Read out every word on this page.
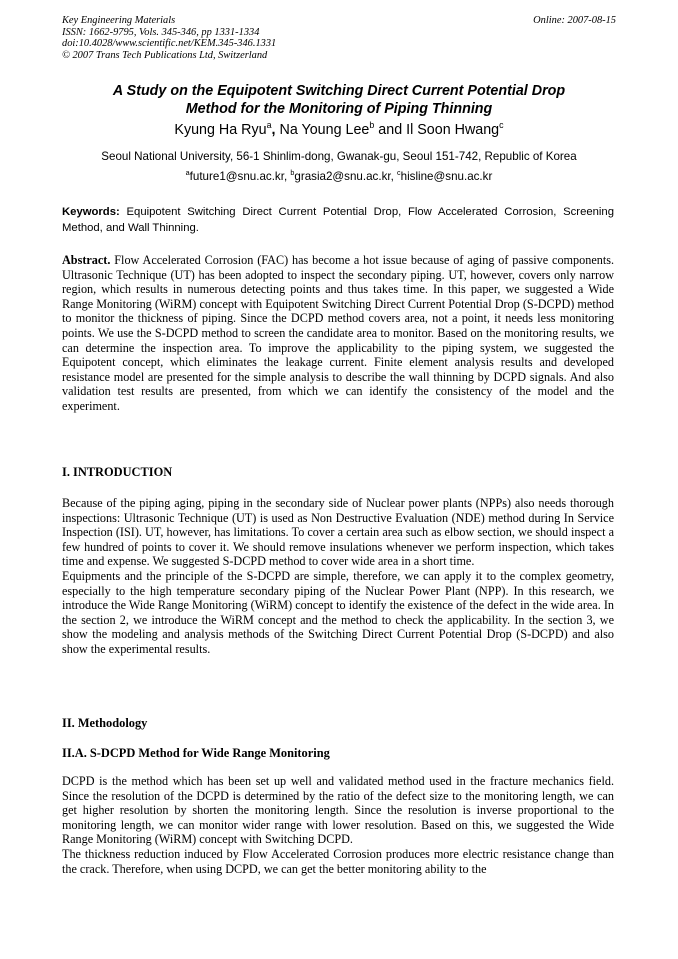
Key Engineering Materials
ISSN: 1662-9795, Vols. 345-346, pp 1331-1334
doi:10.4028/www.scientific.net/KEM.345-346.1331
© 2007 Trans Tech Publications Ltd, Switzerland
Online: 2007-08-15
A Study on the Equipotent Switching Direct Current Potential Drop
Method for the Monitoring of Piping Thinning
Kyung Ha Ryu$^a$, Na Young Lee$^b$ and Il Soon Hwang$^c$
Seoul National University, 56-1 Shinlim-dong, Gwanak-gu, Seoul 151-742, Republic of Korea
$^a$future1@snu.ac.kr, $^b$grasia2@snu.ac.kr, $^c$hisline@snu.ac.kr
Keywords: Equipotent Switching Direct Current Potential Drop, Flow Accelerated Corrosion, Screening Method, and Wall Thinning.

Abstract. Flow Accelerated Corrosion (FAC) has become a hot issue because of aging of passive components. Ultrasonic Technique (UT) has been adopted to inspect the secondary piping. UT, however, covers only narrow region, which results in numerous detecting points and thus takes time. In this paper, we suggested a Wide Range Monitoring (WiRM) concept with Equipotent Switching Direct Current Potential Drop (S-DCPD) method to monitor the thickness of piping. Since the DCPD method covers area, not a point, it needs less monitoring points. We use the S-DCPD method to screen the candidate area to monitor. Based on the monitoring results, we can determine the inspection area. To improve the applicability to the piping system, we suggested the Equipotent concept, which eliminates the leakage current. Finite element analysis results and developed resistance model are presented for the simple analysis to describe the wall thinning by DCPD signals. And also validation test results are presented, from which we can identify the consistency of the model and the experiment.

I. INTRODUCTION

Because of the piping aging, piping in the secondary side of Nuclear power plants (NPPs) also needs thorough inspections: Ultrasonic Technique (UT) is used as Non Destructive Evaluation (NDE) method during In Service Inspection (ISI). UT, however, has limitations. To cover a certain area such as elbow section, we should inspect a few hundred of points to cover it. We should remove insulations whenever we perform inspection, which takes time and expense. We suggested S-DCPD method to cover wide area in a short time.

Equipments and the principle of the S-DCPD are simple, therefore, we can apply it to the complex geometry, especially to the high temperature secondary piping of the Nuclear Power Plant (NPP). In this research, we introduce the Wide Range Monitoring (WiRM) concept to identify the existence of the defect in the wide area. In the section 2, we introduce the WiRM concept and the method to check the applicability. In the section 3, we show the modeling and analysis methods of the Switching Direct Current Potential Drop (S-DCPD) and also show the experimental results.

II. Methodology
II.A. S-DCPD Method for Wide Range Monitoring

DCPD is the method which has been set up well and validated method used in the fracture mechanics field. Since the resolution of the DCPD is determined by the ratio of the defect size to the monitoring length, we can get higher resolution by shorten the monitoring length. Since the resolution is inverse proportional to the monitoring length, we can monitor wider range with lower resolution. Based on this, we suggested the Wide Range Monitoring (WiRM) concept with Switching DCPD.

The thickness reduction induced by Flow Accelerated Corrosion produces more electric resistance change than the crack. Therefore, when using DCPD, we can get the better monitoring ability to the
